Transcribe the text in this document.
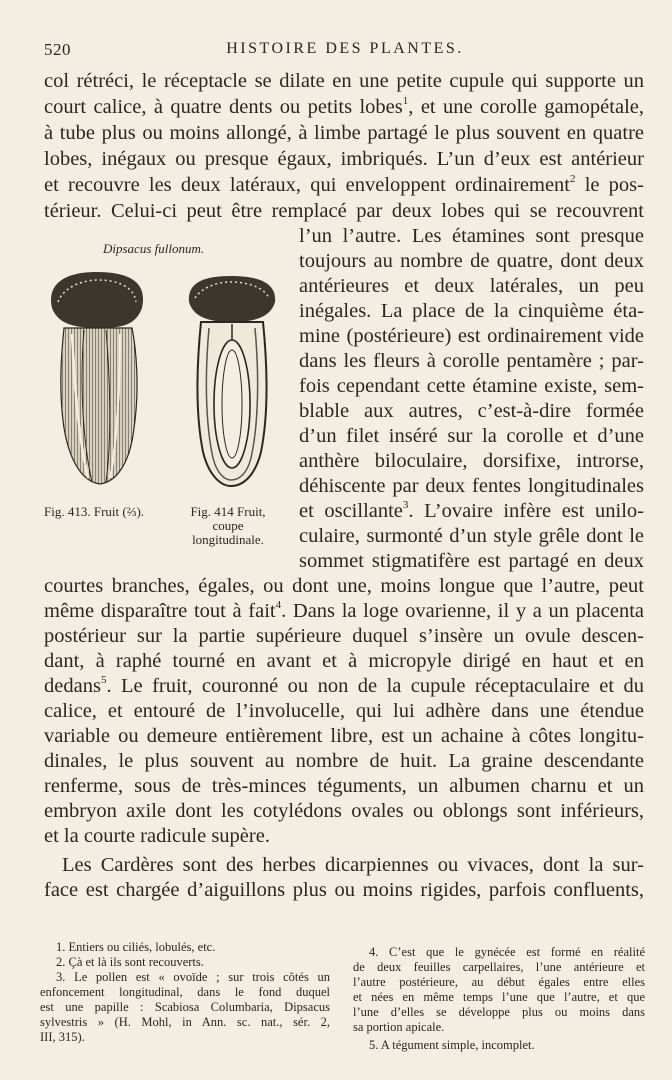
520	HISTOIRE DES PLANTES.
col rétréci, le réceptacle se dilate en une petite cupule qui supporte un
court calice, à quatre dents ou petits lobes$^1$, et une corolle gamopétale,
à tube plus ou moins allongé, à limbe partagé le plus souvent en quatre
lobes, inégaux ou presque égaux, imbriqués. L’un d’eux est antérieur
et recouvre les deux latéraux, qui enveloppent ordinairement$^2$ le pos-
térieur. Celui-ci peut être remplacé par deux lobes qui se recouvrent
l’un l’autre. Les étamines sont presque
toujours au nombre de quatre, dont deux
antérieures et deux latérales, un peu
inégales. La place de la cinquième éta-
mine (postérieure) est ordinairement vide
dans les fleurs à corolle pentamère ; par-
fois cependant cette étamine existe, sem-
blable aux autres, c’est-à-dire formée
d’un filet inséré sur la corolle et d’une
anthère biloculaire, dorsifixe, introrse,
déhiscente par deux fentes longitudinales
et oscillante$^3$. L’ovaire infère est unilo-
culaire, surmonté d’un style grêle dont le
sommet stigmatifère est partagé en deux
Dipsacus fullonum.
Fig. 413. Fruit (⅔).	Fig. 414 Fruit,
coupe
longitudinale.
courtes branches, égales, ou dont une, moins longue que l’autre, peut
même disparaître tout à fait$^4$. Dans la loge ovarienne, il y a un placenta
postérieur sur la partie supérieure duquel s’insère un ovule descen-
dant, à raphé tourné en avant et à micropyle dirigé en haut et en
dedans$^5$. Le fruit, couronné ou non de la cupule réceptaculaire et du
calice, et entouré de l’involucelle, qui lui adhère dans une étendue
variable ou demeure entièrement libre, est un achaine à côtes longitu-
dinales, le plus souvent au nombre de huit. La graine descendante
renferme, sous de très-minces téguments, un albumen charnu et un
embryon axile dont les cotylédons ovales ou oblongs sont inférieurs,
et la courte radicule supère.
Les Cardères sont des herbes dicarpiennes ou vivaces, dont la sur-
face est chargée d’aiguillons plus ou moins rigides, parfois confluents,
1. Entiers ou ciliés, lobulés, etc.
2. Çà et là ils sont recouverts.
3. Le pollen est « ovoïde ; sur trois côtés un
enfoncement longitudinal, dans le fond duquel
est une papille : Scabiosa Columbaria, Dipsacus
sylvestris » (H. Mohl, in Ann. sc. nat., sér. 2,
III, 315).
4. C’est que le gynécée est formé en réalité
de deux feuilles carpellaires, l’une antérieure et
l’autre postérieure, au début égales entre elles
et nées en même temps l’une que l’autre, et que
l’une d’elles se développe plus ou moins dans
sa portion apicale.
5. A tégument simple, incomplet.
